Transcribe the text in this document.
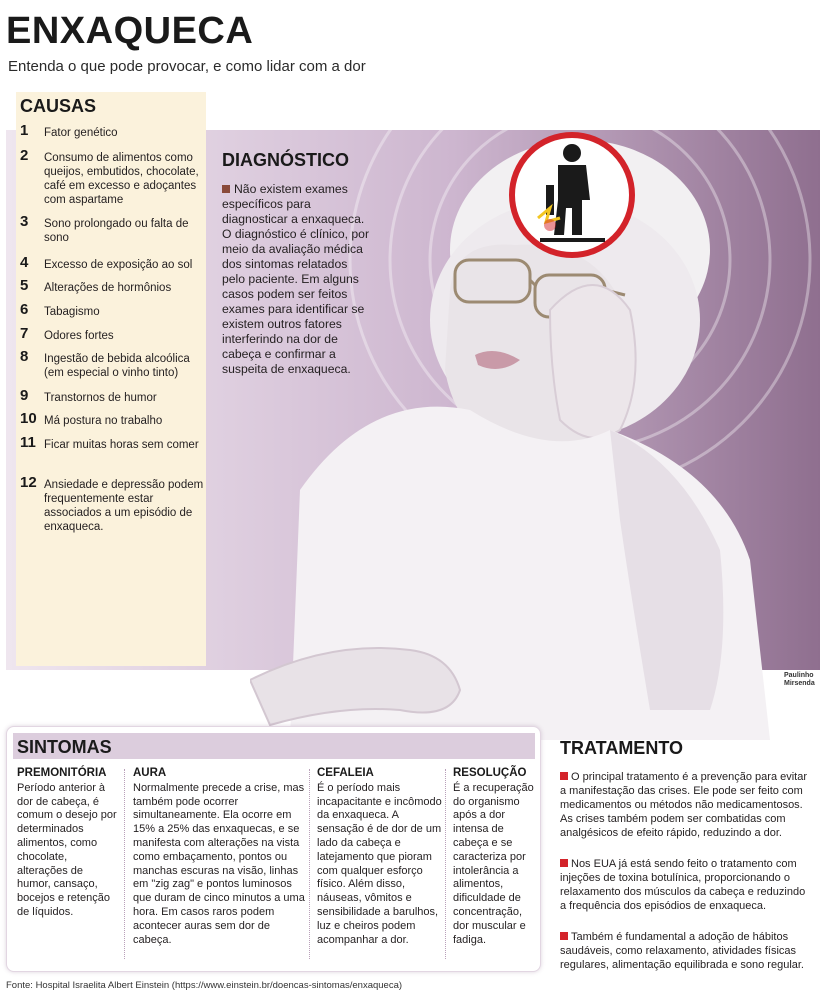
ENXAQUECA
Entenda o que pode provocar, e como lidar com a dor
CAUSAS
1	Fator genético
2	Consumo de alimentos como queijos, embutidos, chocolate, café em excesso e adoçantes com aspartame
3	Sono prolongado ou falta de sono
4	Excesso de exposição ao sol
5	Alterações de hormônios
6	Tabagismo
7	Odores fortes
8	Ingestão de bebida alcoólica (em especial o vinho tinto)
9	Transtornos de humor
10 Má postura no trabalho
11 Ficar muitas horas sem comer
12 Ansiedade e depressão podem frequentemente estar associados a um episódio de enxaqueca.
DIAGNÓSTICO
Não existem exames específicos para diagnosticar a enxaqueca. O diagnóstico é clínico, por meio da avaliação médica dos sintomas relatados pelo paciente. Em alguns casos podem ser feitos exames para identificar se existem outros fatores interferindo na dor de cabeça e confirmar a suspeita de enxaqueca.
Paulinho
Mirsenda
SINTOMAS
PREMONITÓRIA

Período anterior à dor de cabeça, é comum o desejo por determinados alimentos, como chocolate, alterações de humor, cansaço, bocejos e retenção de líquidos.

AURA

Normalmente precede a crise, mas também pode ocorrer simultaneamente. Ela ocorre em 15% a 25% das enxaquecas, e se manifesta com alterações na vista como embaçamento, pontos ou manchas escuras na visão, linhas em "zig zag" e pontos luminosos que duram de cinco minutos a uma hora. Em casos raros podem acontecer auras sem dor de cabeça.

CEFALEIA

É o período mais incapacitante e incômodo da enxaqueca. A sensação é de dor de um lado da cabeça e latejamento que pioram com qualquer esforço físico. Além disso, náuseas, vômitos e sensibilidade a barulhos, luz e cheiros podem acompanhar a dor.

RESOLUÇÃO

É a recuperação do organismo após a dor intensa de cabeça e se caracteriza por intolerância a alimentos, dificuldade de concentração, dor muscular e fadiga.

TRATAMENTO
O principal tratamento é a prevenção para evitar a manifestação das crises. Ele pode ser feito com medicamentos ou métodos não medicamentosos. As crises também podem ser combatidas com analgésicos de efeito rápido, reduzindo a dor.
Nos EUA já está sendo feito o tratamento com injeções de toxina botulínica, proporcionando o relaxamento dos músculos da cabeça e reduzindo a frequência dos episódios de enxaqueca.
Também é fundamental a adoção de hábitos saudáveis, como relaxamento, atividades físicas regulares, alimentação equilibrada e sono regular.
Fonte: Hospital Israelita Albert Einstein (https://www.einstein.br/doencas-sintomas/enxaqueca)
